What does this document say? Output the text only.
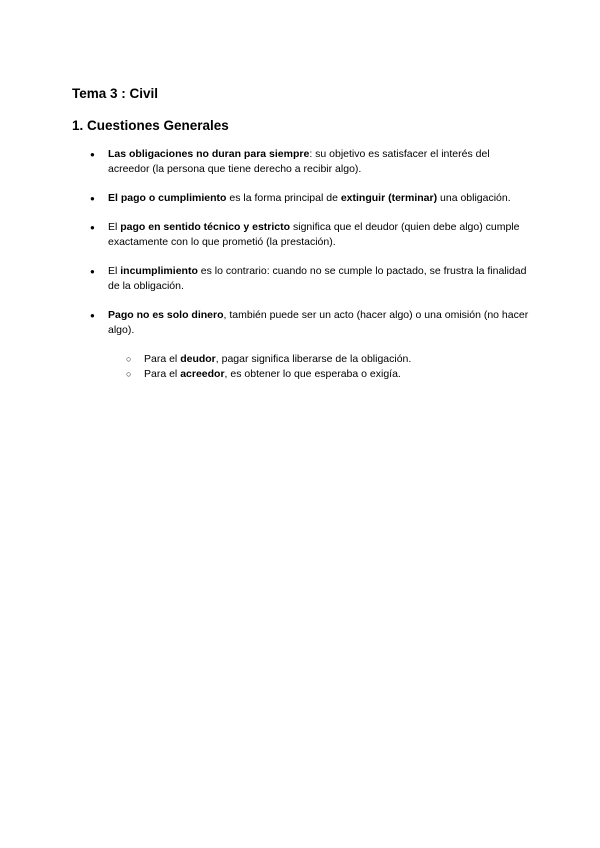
Tema 3 : Civil
1. Cuestiones Generales
● Las obligaciones no duran para siempre: su objetivo es satisfacer el interés del acreedor (la persona que tiene derecho a recibir algo).
● El pago o cumplimiento es la forma principal de extinguir (terminar) una obligación.
● El pago en sentido técnico y estricto significa que el deudor (quien debe algo) cumple exactamente con lo que prometió (la prestación).
● El incumplimiento es lo contrario: cuando no se cumple lo pactado, se frustra la finalidad de la obligación.
● Pago no es solo dinero, también puede ser un acto (hacer algo) o una omisión (no hacer algo).
○ Para el deudor, pagar significa liberarse de la obligación.
○ Para el acreedor, es obtener lo que esperaba o exigía.
